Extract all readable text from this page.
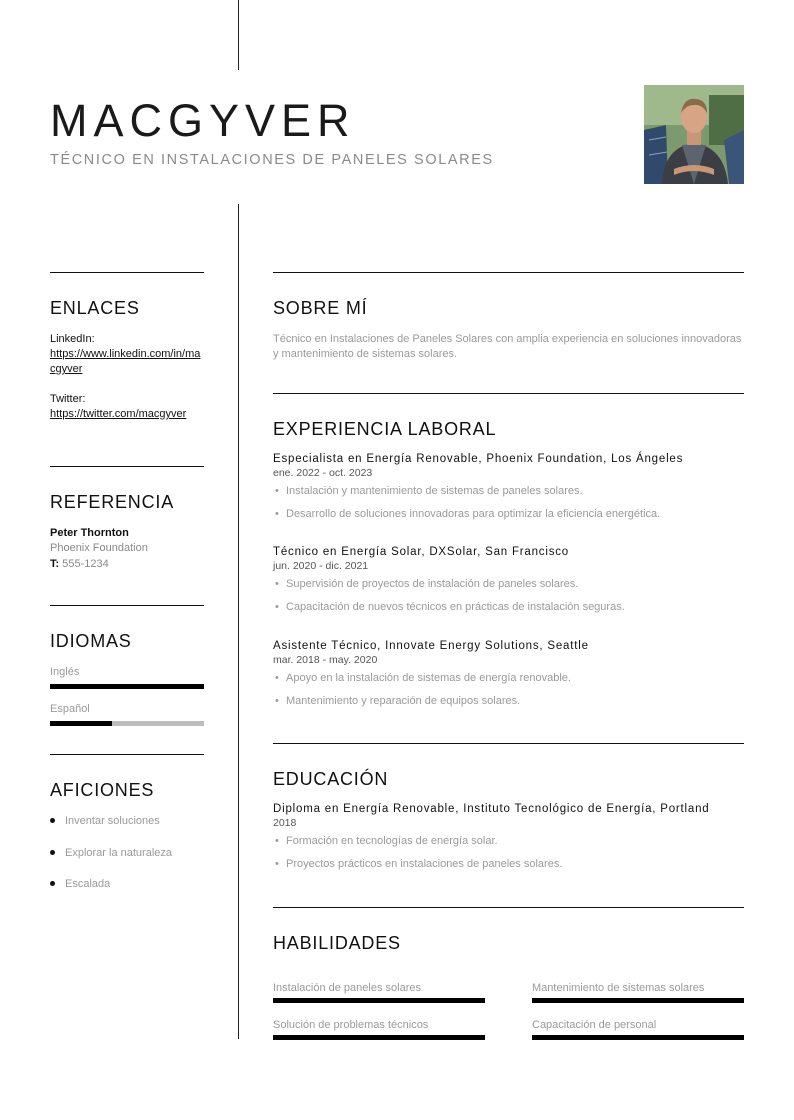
MACGYVER
TÉCNICO EN INSTALACIONES DE PANELES SOLARES
ENLACES
LinkedIn:
https://www.linkedin.com/in/macgyver
Twitter:
https://twitter.com/macgyver
REFERENCIA
Peter Thornton
Phoenix Foundation
T: 555-1234
IDIOMAS
Inglés
Español
AFICIONES
Inventar soluciones
Explorar la naturaleza
Escalada
SOBRE MÍ
Técnico en Instalaciones de Paneles Solares con amplia experiencia en soluciones innovadoras y mantenimiento de sistemas solares.
EXPERIENCIA LABORAL
Especialista en Energía Renovable, Phoenix Foundation, Los Ángeles
ene. 2022 - oct. 2023
• Instalación y mantenimiento de sistemas de paneles solares.
• Desarrollo de soluciones innovadoras para optimizar la eficiencia energética.
Técnico en Energía Solar, DXSolar, San Francisco
jun. 2020 - dic. 2021
• Supervisión de proyectos de instalación de paneles solares.
• Capacitación de nuevos técnicos en prácticas de instalación seguras.
Asistente Técnico, Innovate Energy Solutions, Seattle
mar. 2018 - may. 2020
• Apoyo en la instalación de sistemas de energía renovable.
• Mantenimiento y reparación de equipos solares.
EDUCACIÓN
Diploma en Energía Renovable, Instituto Tecnológico de Energía, Portland
2018
• Formación en tecnologías de energía solar.
• Proyectos prácticos en instalaciones de paneles solares.
HABILIDADES
Instalación de paneles solares	Mantenimiento de sistemas solares
Solución de problemas técnicos	Capacitación de personal
